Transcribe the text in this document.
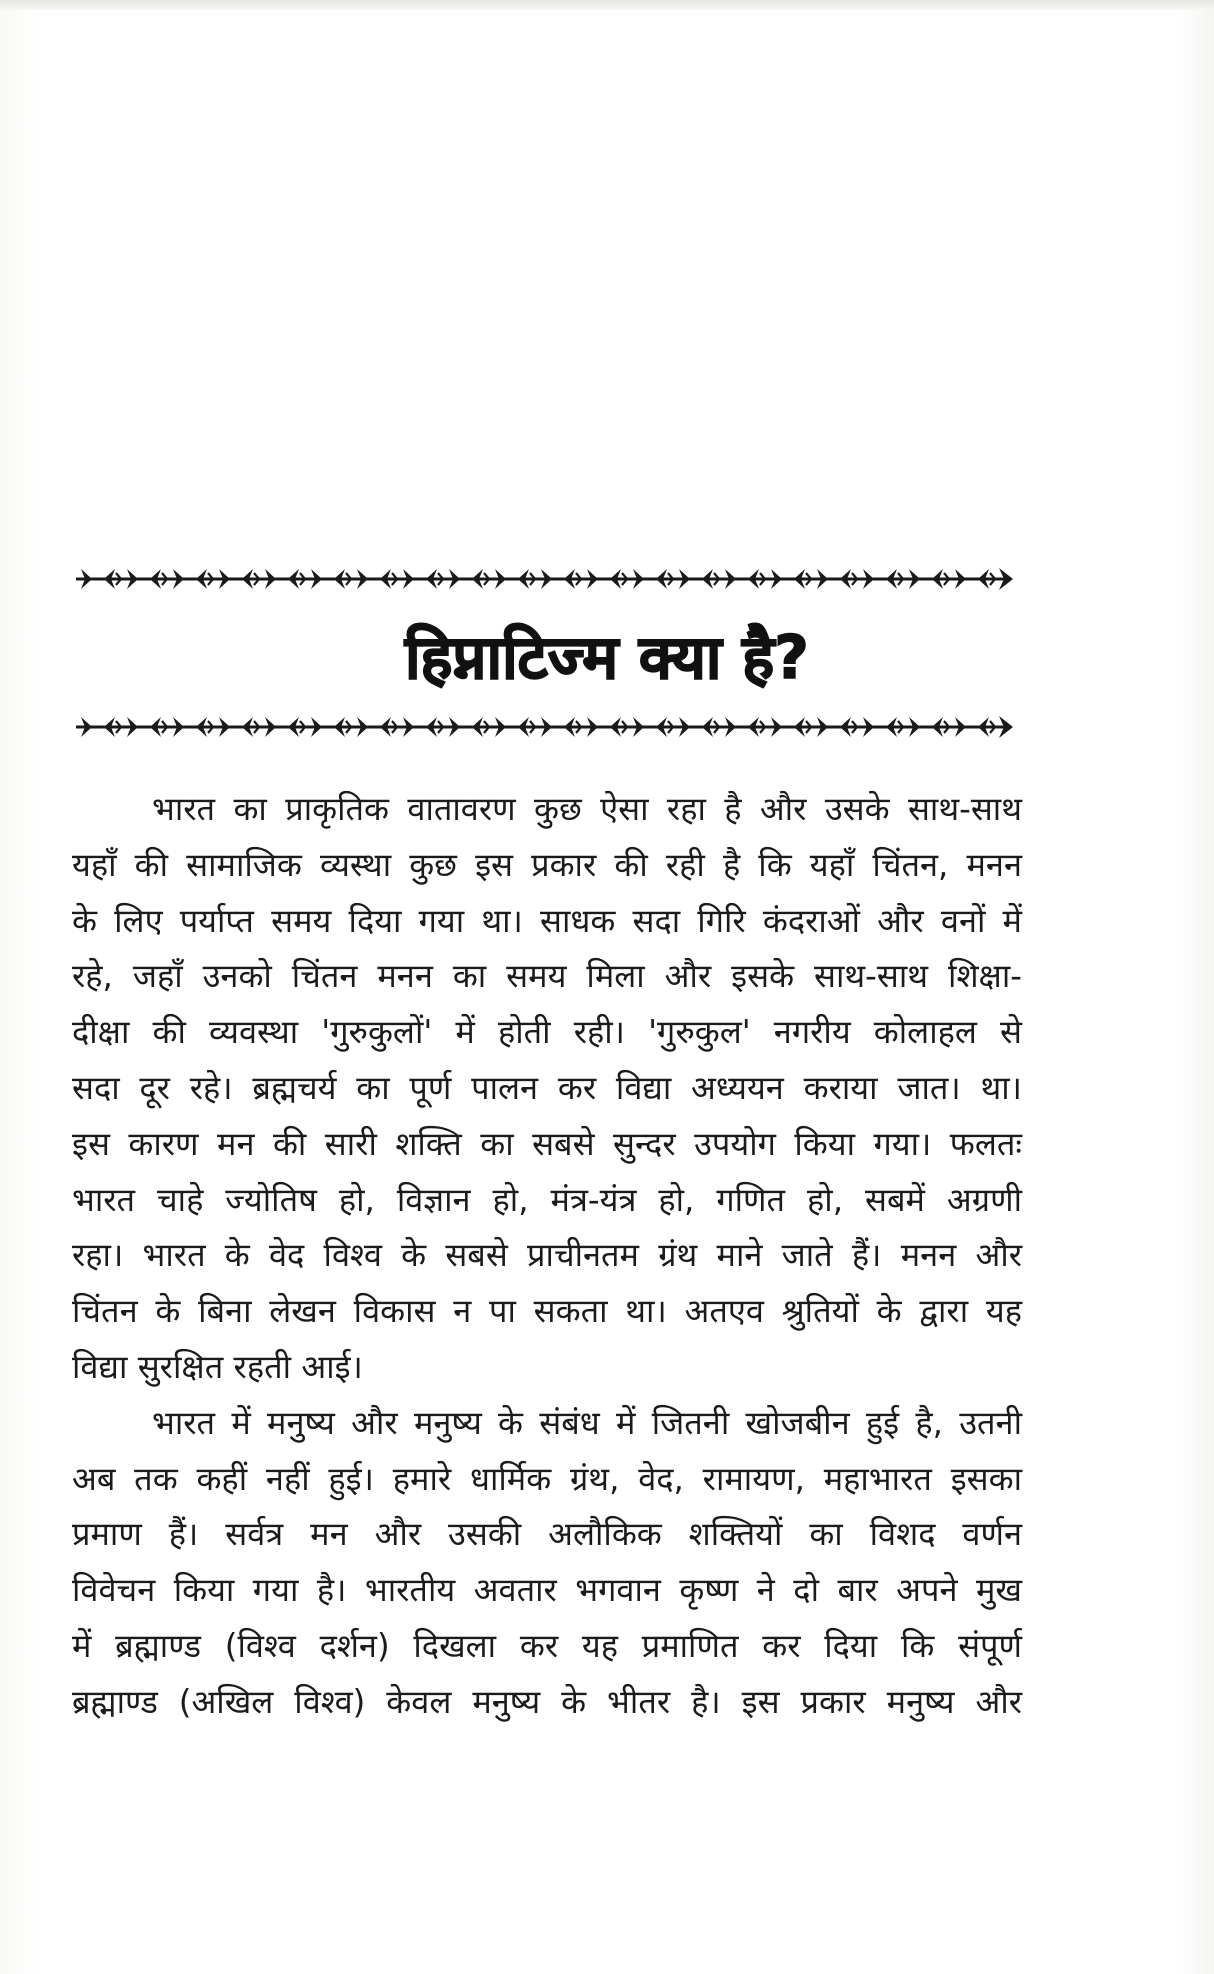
हिप्नाटिज्म क्या है?
भारत का प्राकृतिक वातावरण कुछ ऐसा रहा है और उसके साथ-साथ
यहाँ की सामाजिक व्यस्था कुछ इस प्रकार की रही है कि यहाँ चिंतन, मनन
के लिए पर्याप्त समय दिया गया था। साधक सदा गिरि कंदराओं और वनों में
रहे, जहाँ उनको चिंतन मनन का समय मिला और इसके साथ-साथ शिक्षा-
दीक्षा की व्यवस्था 'गुरुकुलों' में होती रही। 'गुरुकुल' नगरीय कोलाहल से
सदा दूर रहे। ब्रह्मचर्य का पूर्ण पालन कर विद्या अध्ययन कराया जात। था।
इस कारण मन की सारी शक्ति का सबसे सुन्दर उपयोग किया गया। फलतः
भारत चाहे ज्योतिष हो, विज्ञान हो, मंत्र-यंत्र हो, गणित हो, सबमें अग्रणी
रहा। भारत के वेद विश्व के सबसे प्राचीनतम ग्रंथ माने जाते हैं। मनन और
चिंतन के बिना लेखन विकास न पा सकता था। अतएव श्रुतियों के द्वारा यह
विद्या सुरक्षित रहती आई।
भारत में मनुष्य और मनुष्य के संबंध में जितनी खोजबीन हुई है, उतनी
अब तक कहीं नहीं हुई। हमारे धार्मिक ग्रंथ, वेद, रामायण, महाभारत इसका
प्रमाण हैं। सर्वत्र मन और उसकी अलौकिक शक्तियों का विशद वर्णन
विवेचन किया गया है। भारतीय अवतार भगवान कृष्ण ने दो बार अपने मुख
में ब्रह्माण्ड (विश्व दर्शन) दिखला कर यह प्रमाणित कर दिया कि संपूर्ण
ब्रह्माण्ड (अखिल विश्व) केवल मनुष्य के भीतर है। इस प्रकार मनुष्य और
